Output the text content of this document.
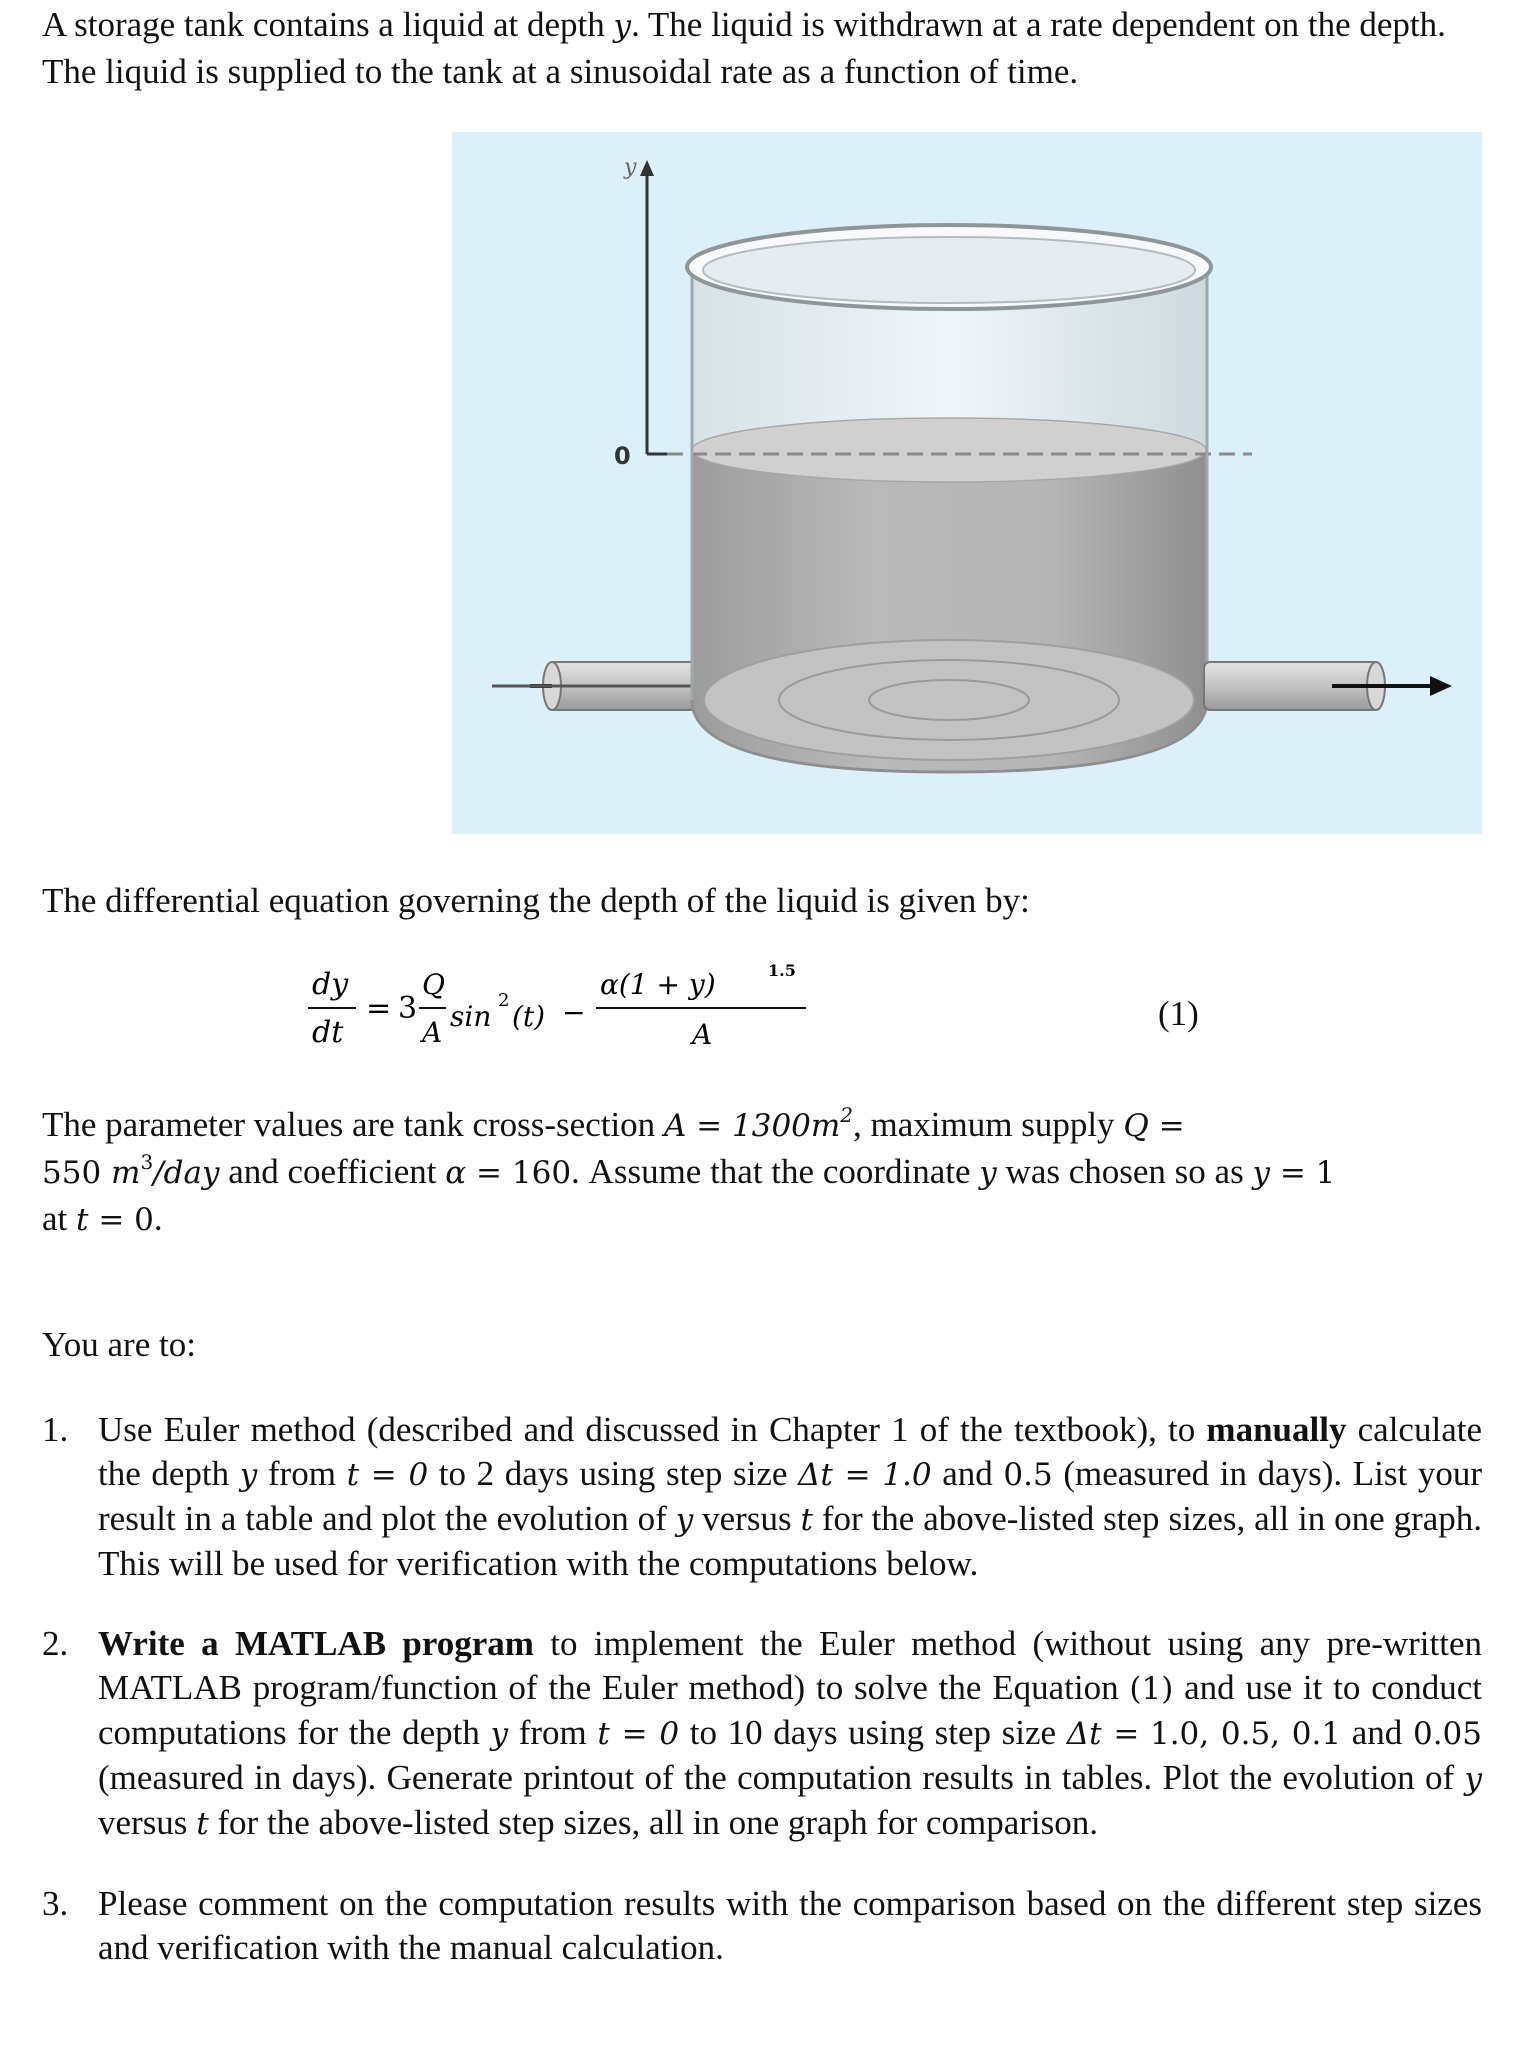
A storage tank contains a liquid at depth y. The liquid is withdrawn at a rate dependent on the depth. The liquid is supplied to the tank at a sinusoidal rate as a function of time.

y
0

The differential equation governing the depth of the liquid is given by:

dy
dt
= 3
Q
A sin 2 (t) −
α(1 + y)	1.5
A
(1)

The parameter values are tank cross-section $A = 1300m^2$, maximum supply Q =
550 $m^3$/day and coefficient α = 160. Assume that the coordinate y was chosen so as y = 1
at t = 0.

You are to:

1. Use Euler method (described and discussed in Chapter 1 of the textbook), to manually calculate the depth y from t = 0 to 2 days using step size Δt = 1.0 and 0.5 (measured in days). List your result in a table and plot the evolution of y versus t for the above-listed step sizes, all in one graph. This will be used for verification with the computations below.
2. Write a MATLAB program to implement the Euler method (without using any pre-written MATLAB program/function of the Euler method) to solve the Equation (1) and use it to conduct computations for the depth y from t = 0 to 10 days using step size Δt = 1.0, 0.5, 0.1 and 0.05 (measured in days). Generate printout of the computation results in tables. Plot the evolution of y versus t for the above-listed step sizes, all in one graph for comparison.
3. Please comment on the computation results with the comparison based on the different step sizes and verification with the manual calculation.
